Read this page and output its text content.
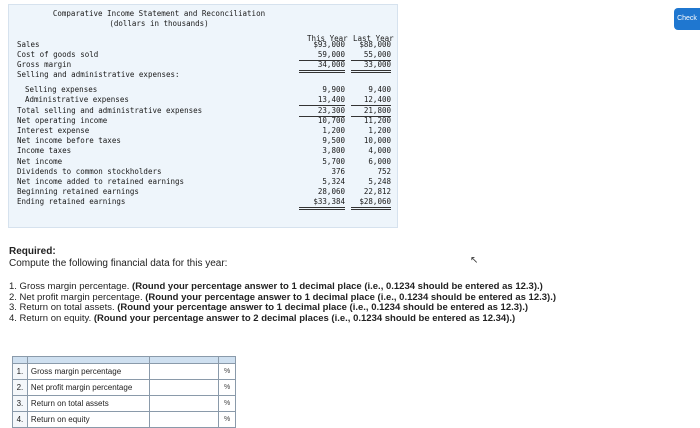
Comparative Income Statement and Reconciliation
(dollars in thousands)
This Year Last Year
Sales	$93,000	$88,000
Cost of goods sold	59,000	55,000
Gross margin	34,000	33,000
Selling and administrative expenses:
Selling expenses	9,900	9,400
Administrative expenses	13,400	12,400
Total selling and administrative expenses	23,300	21,800
Net operating income	10,700	11,200
Interest expense	1,200	1,200
Net income before taxes	9,500	10,000
Income taxes	3,800	4,000
Net income	5,700	6,000
Dividends to common stockholders	376	752
Net income added to retained earnings	5,324	5,248
Beginning retained earnings	28,060	22,812
Ending retained earnings	$33,384	$28,060
Check
Required:
Compute the following financial data for this year:	↖
1. Gross margin percentage. (Round your percentage answer to 1 decimal place (i.e., 0.1234 should be entered as 12.3).)
2. Net profit margin percentage. (Round your percentage answer to 1 decimal place (i.e., 0.1234 should be entered as 12.3).)
3. Return on total assets. (Round your percentage answer to 1 decimal place (i.e., 0.1234 should be entered as 12.3).)
4. Return on equity. (Round your percentage answer to 2 decimal places (i.e., 0.1234 should be entered as 12.34).)

1.	Gross margin percentage		%
2.	Net profit margin percentage		%
3.	Return on total assets		%
4.	Return on equity		%
